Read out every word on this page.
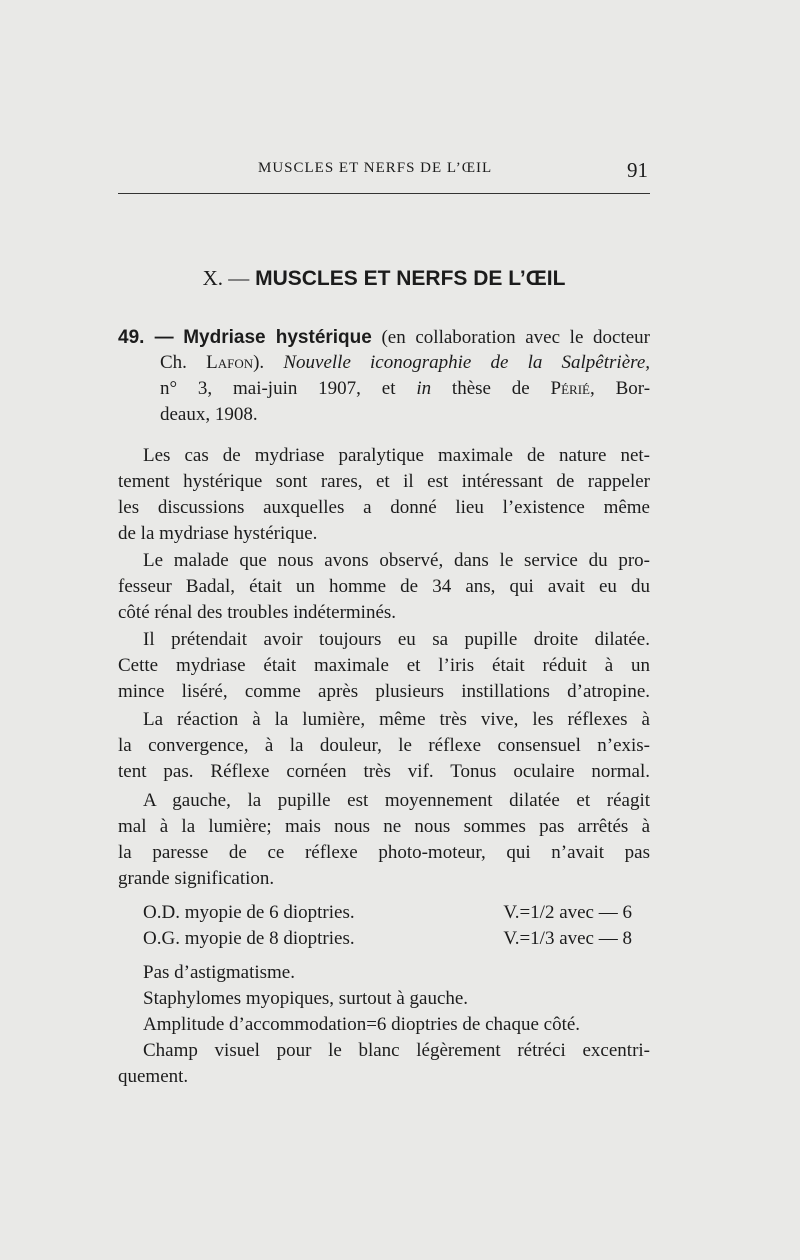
MUSCLES ET NERFS DE L’ŒIL	91
X. — MUSCLES ET NERFS DE L’ŒIL
49. — Mydriase hystérique (en collaboration avec le docteur
Ch. Lafon). Nouvelle iconographie de la Salpêtrière,
n° 3, mai-juin 1907, et in thèse de Périé, Bor-
deaux, 1908.
Les cas de mydriase paralytique maximale de nature net-
tement hystérique sont rares, et il est intéressant de rappeler
les discussions auxquelles a donné lieu l’existence même
de la mydriase hystérique.
Le malade que nous avons observé, dans le service du pro-
fesseur Badal, était un homme de 34 ans, qui avait eu du
côté rénal des troubles indéterminés.
Il prétendait avoir toujours eu sa pupille droite dilatée.
Cette mydriase était maximale et l’iris était réduit à un
mince liséré, comme après plusieurs instillations d’atropine.
La réaction à la lumière, même très vive, les réflexes à
la convergence, à la douleur, le réflexe consensuel n’exis-
tent pas. Réflexe cornéen très vif. Tonus oculaire normal.
A gauche, la pupille est moyennement dilatée et réagit
mal à la lumière; mais nous ne nous sommes pas arrêtés à
la paresse de ce réflexe photo-moteur, qui n’avait pas
grande signification.
O.D. myopie de 6 dioptries.	V.=1/2 avec — 6
O.G. myopie de 8 dioptries.	V.=1/3 avec — 8
Pas d’astigmatisme.
Staphylomes myopiques, surtout à gauche.
Amplitude d’accommodation=6 dioptries de chaque côté.
Champ visuel pour le blanc légèrement rétréci excentri-
quement.
